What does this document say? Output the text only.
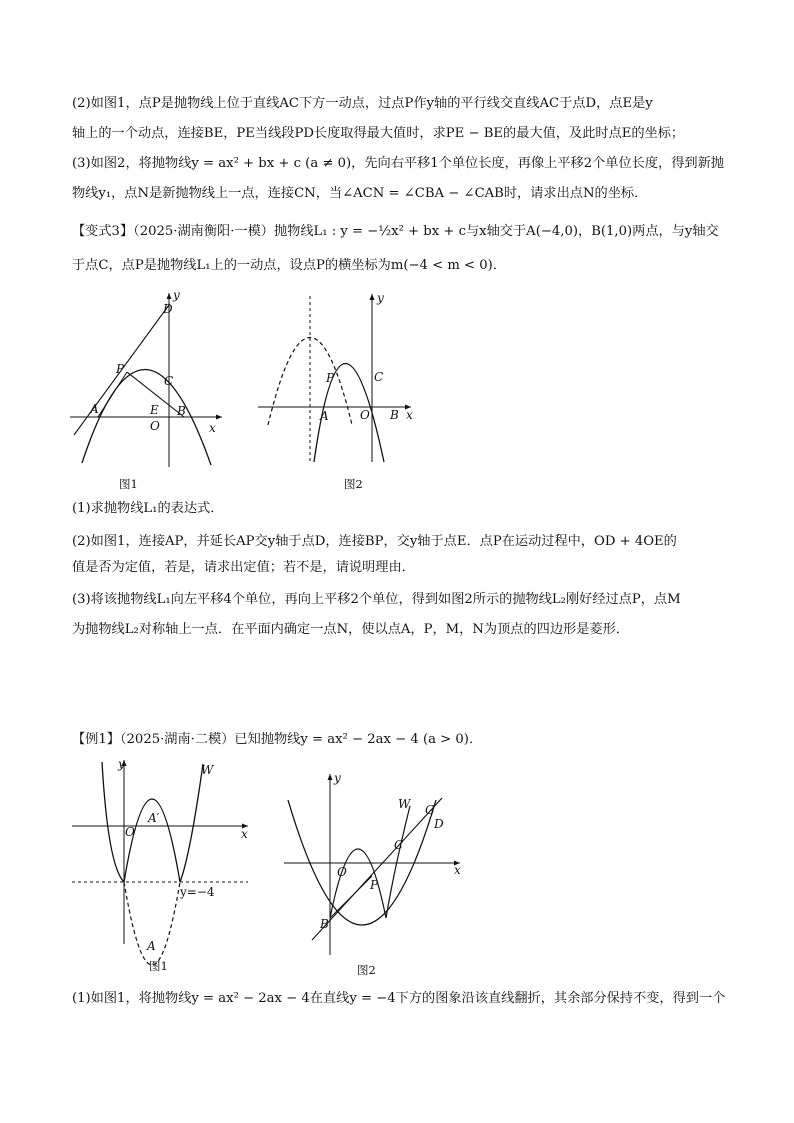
(2)如图1，点P是抛物线上位于直线AC下方一动点，过点P作y轴的平行线交直线AC于点D，点E是y
轴上的一个动点，连接BE，PE当线段PD长度取得最大值时，求PE − BE的最大值，及此时点E的坐标；
(3)如图2，将抛物线y = ax² + bx + c (a ≠ 0)，先向右平移1个单位长度，再像上平移2个单位长度，得到新抛
物线y₁，点N是新抛物线上一点，连接CN，当∠ACN = ∠CBA − ∠CAB时，请求出点N的坐标．
【变式3】（2025·湖南衡阳·一模）抛物线L₁ : y = −½x² + bx + c与x轴交于A(−4,0)，B(1,0)两点，与y轴交
于点C，点P是抛物线L₁上的一动点，设点P的横坐标为m(−4 < m < 0)．
y
D
P
C
A	E B
O	x
图1
y
P	C
A	O B x
图2
(1)求抛物线L₁的表达式．
(2)如图1，连接AP，并延长AP交y轴于点D，连接BP，交y轴于点E．点P在运动过程中，OD + 4OE的
值是否为定值，若是，请求出定值；若不是，请说明理由．
(3)将该抛物线L₁向左平移4个单位，再向上平移2个单位，得到如图2所示的抛物线L₂刚好经过点P，点M
为抛物线L₂对称轴上一点．在平面内确定一点N，使以点A，P，M，N为顶点的四边形是菱形．
【例1】（2025·湖南·二模）已知抛物线y = ax² − 2ax − 4 (a > 0)．
y	W
A′
O	x
y=−4
A
图1
y
W G
D
C
O
P
x
B
图2
(1)如图1，将抛物线y = ax² − 2ax − 4在直线y = −4下方的图象沿该直线翻折，其余部分保持不变，得到一个
